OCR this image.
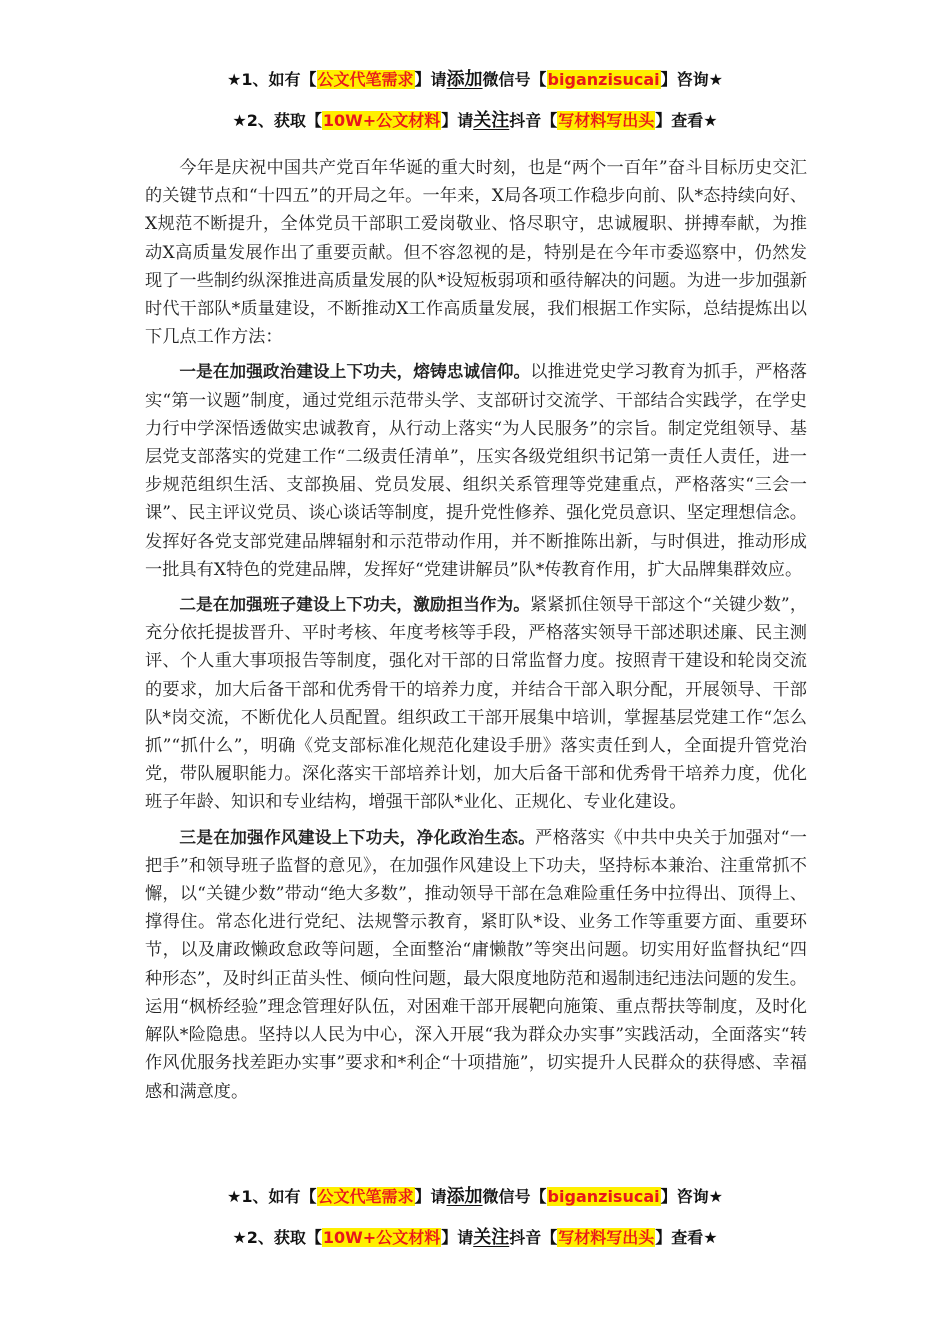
★1、如有【公文代笔需求】请添加微信号【biganzisucai】咨询★
★2、获取【10W+公文材料】请关注抖音【写材料写出头】查看★

今年是庆祝中国共产党百年华诞的重大时刻，也是“两个一百年”奋斗目标历史交汇的关键节点和“十四五”的开局之年。一年来，X局各项工作稳步向前、队*态持续向好、X规范不断提升，全体党员干部职工爱岗敬业、恪尽职守，忠诚履职、拼搏奉献，为推动X高质量发展作出了重要贡献。但不容忽视的是，特别是在今年市委巡察中，仍然发现了一些制约纵深推进高质量发展的队*设短板弱项和亟待解决的问题。为进一步加强新时代干部队*质量建设，不断推动X工作高质量发展，我们根据工作实际，总结提炼出以下几点工作方法：

一是在加强政治建设上下功夫，熔铸忠诚信仰。以推进党史学习教育为抓手，严格落实“第一议题”制度，通过党组示范带头学、支部研讨交流学、干部结合实践学，在学史力行中学深悟透做实忠诚教育，从行动上落实“为人民服务”的宗旨。制定党组领导、基层党支部落实的党建工作“二级责任清单”，压实各级党组织书记第一责任人责任，进一步规范组织生活、支部换届、党员发展、组织关系管理等党建重点，严格落实“三会一课”、民主评议党员、谈心谈话等制度，提升党性修养、强化党员意识、坚定理想信念。发挥好各党支部党建品牌辐射和示范带动作用，并不断推陈出新，与时俱进，推动形成一批具有X特色的党建品牌，发挥好“党建讲解员”队*传教育作用，扩大品牌集群效应。

二是在加强班子建设上下功夫，激励担当作为。紧紧抓住领导干部这个“关键少数”，充分依托提拔晋升、平时考核、年度考核等手段，严格落实领导干部述职述廉、民主测评、个人重大事项报告等制度，强化对干部的日常监督力度。按照青干建设和轮岗交流的要求，加大后备干部和优秀骨干的培养力度，并结合干部入职分配，开展领导、干部队*岗交流，不断优化人员配置。组织政工干部开展集中培训，掌握基层党建工作“怎么抓”“抓什么”，明确《党支部标准化规范化建设手册》落实责任到人，全面提升管党治党，带队履职能力。深化落实干部培养计划，加大后备干部和优秀骨干培养力度，优化班子年龄、知识和专业结构，增强干部队*业化、正规化、专业化建设。

三是在加强作风建设上下功夫，净化政治生态。严格落实《中共中央关于加强对“一把手”和领导班子监督的意见》，在加强作风建设上下功夫，坚持标本兼治、注重常抓不懈，以“关键少数”带动“绝大多数”，推动领导干部在急难险重任务中拉得出、顶得上、撑得住。常态化进行党纪、法规警示教育，紧盯队*设、业务工作等重要方面、重要环节，以及庸政懒政怠政等问题，全面整治“庸懒散”等突出问题。切实用好监督执纪“四种形态”，及时纠正苗头性、倾向性问题，最大限度地防范和遏制违纪违法问题的发生。运用“枫桥经验”理念管理好队伍，对困难干部开展靶向施策、重点帮扶等制度，及时化解队*险隐患。坚持以人民为中心，深入开展“我为群众办实事”实践活动，全面落实“转作风优服务找差距办实事”要求和*利企“十项措施”，切实提升人民群众的获得感、幸福感和满意度。

★1、如有【公文代笔需求】请添加微信号【biganzisucai】咨询★
★2、获取【10W+公文材料】请关注抖音【写材料写出头】查看★
